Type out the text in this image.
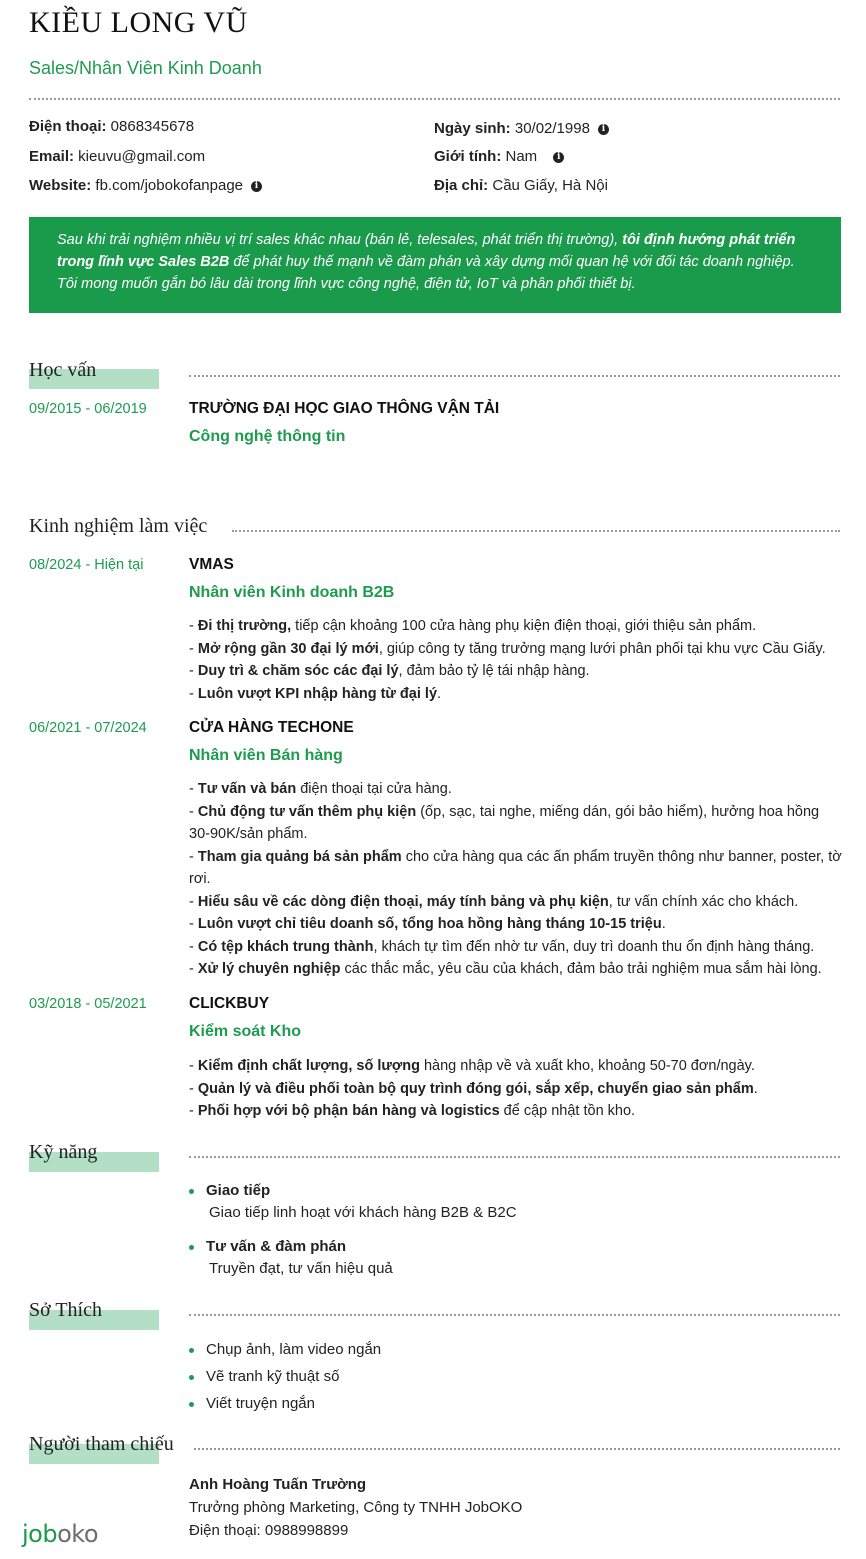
KIỀU LONG VŨ
Sales/Nhân Viên Kinh Doanh
Điện thoại: 0868345678
Email: kieuvu@gmail.com
Website: fb.com/jobokofanpage i
Ngày sinh: 30/02/1998 i
Giới tính: Nam i
Địa chỉ: Cầu Giấy, Hà Nội
Sau khi trải nghiệm nhiều vị trí sales khác nhau (bán lẻ, telesales, phát triển thị trường), tôi định hướng phát triển trong lĩnh vực Sales B2B để phát huy thế mạnh về đàm phán và xây dựng mối quan hệ với đối tác doanh nghiệp. Tôi mong muốn gắn bó lâu dài trong lĩnh vực công nghệ, điện tử, IoT và phân phối thiết bị.
Học vấn
09/2015 - 06/2019	TRƯỜNG ĐẠI HỌC GIAO THÔNG VẬN TẢI
Công nghệ thông tin
Kinh nghiệm làm việc
08/2024 - Hiện tại	VMAS
Nhân viên Kinh doanh B2B
- Đi thị trường, tiếp cận khoảng 100 cửa hàng phụ kiện điện thoại, giới thiệu sản phẩm.
- Mở rộng gần 30 đại lý mới, giúp công ty tăng trưởng mạng lưới phân phối tại khu vực Cầu Giấy.
- Duy trì & chăm sóc các đại lý, đảm bảo tỷ lệ tái nhập hàng.
- Luôn vượt KPI nhập hàng từ đại lý.
06/2021 - 07/2024	CỬA HÀNG TECHONE
Nhân viên Bán hàng
- Tư vấn và bán điện thoại tại cửa hàng.
- Chủ động tư vấn thêm phụ kiện (ốp, sạc, tai nghe, miếng dán, gói bảo hiểm), hưởng hoa hồng 30-90K/sản phẩm.
- Tham gia quảng bá sản phẩm cho cửa hàng qua các ấn phẩm truyền thông như banner, poster, tờ rơi.
- Hiểu sâu về các dòng điện thoại, máy tính bảng và phụ kiện, tư vấn chính xác cho khách.
- Luôn vượt chỉ tiêu doanh số, tổng hoa hồng hàng tháng 10-15 triệu.
- Có tệp khách trung thành, khách tự tìm đến nhờ tư vấn, duy trì doanh thu ổn định hàng tháng.
- Xử lý chuyên nghiệp các thắc mắc, yêu cầu của khách, đảm bảo trải nghiệm mua sắm hài lòng.
03/2018 - 05/2021	CLICKBUY
Kiểm soát Kho
- Kiểm định chất lượng, số lượng hàng nhập về và xuất kho, khoảng 50-70 đơn/ngày.
- Quản lý và điều phối toàn bộ quy trình đóng gói, sắp xếp, chuyển giao sản phẩm.
- Phối hợp với bộ phận bán hàng và logistics để cập nhật tồn kho.
Kỹ năng
Giao tiếp
Giao tiếp linh hoạt với khách hàng B2B & B2C
Tư vấn & đàm phán
Truyền đạt, tư vấn hiệu quả
Sở Thích
Chụp ảnh, làm video ngắn
Vẽ tranh kỹ thuật số
Viết truyện ngắn
Người tham chiếu
Anh Hoàng Tuấn Trường
Trưởng phòng Marketing, Công ty TNHH JobOKO
Điện thoại: 0988998899
joboko
